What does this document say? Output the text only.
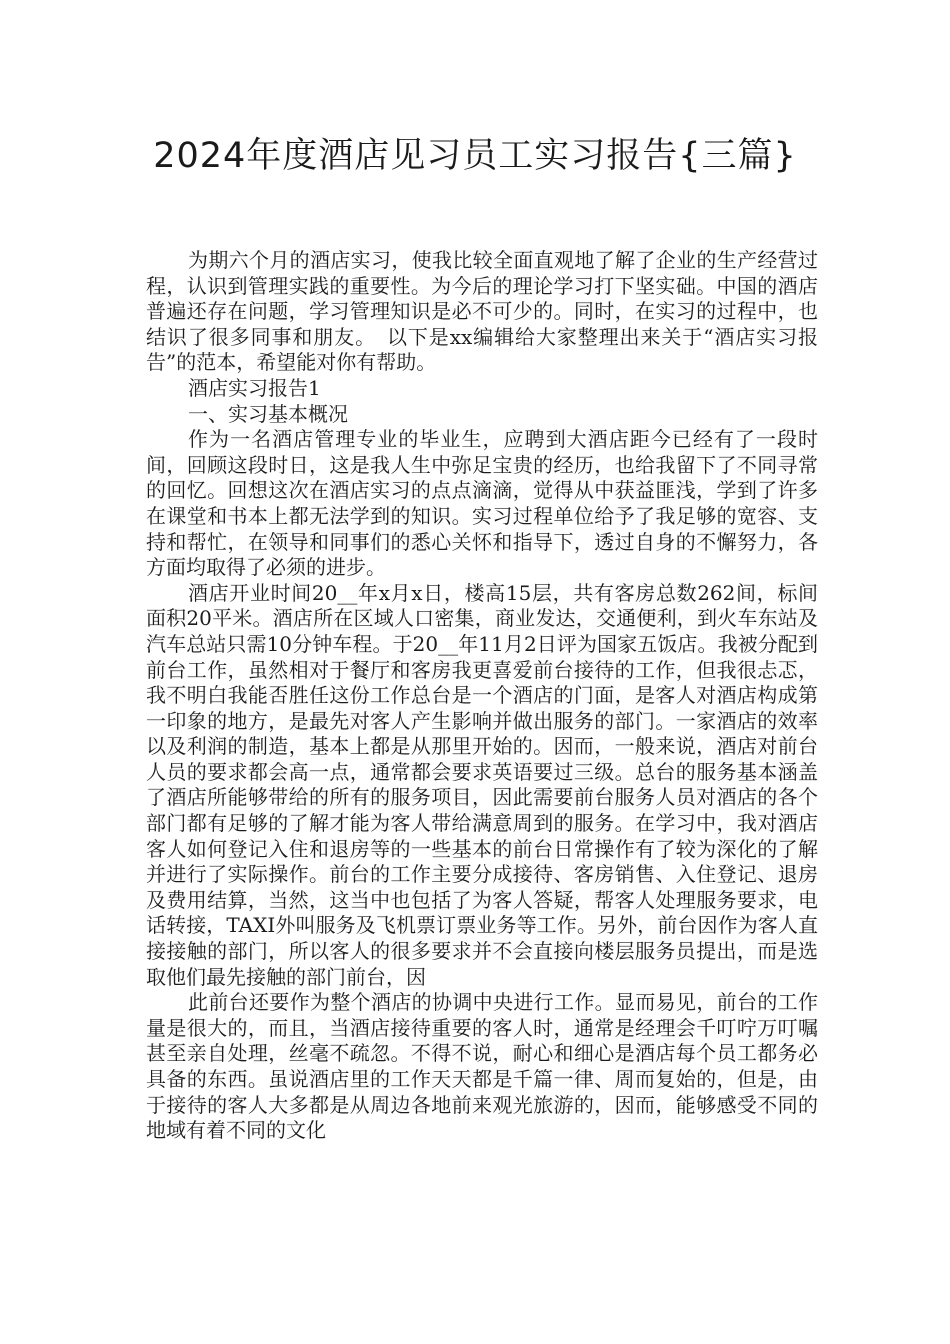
2024年度酒店见习员工实习报告{三篇}

为期六个月的酒店实习，使我比较全面直观地了解了企业的生产经营过程，认识到管理实践的重要性。为今后的理论学习打下坚实础。中国的酒店普遍还存在问题，学习管理知识是必不可少的。同时，在实习的过程中，也结识了很多同事和朋友。　以下是xx编辑给大家整理出来关于“酒店实习报告”的范本，希望能对你有帮助。

酒店实习报告1

一、实习基本概况

作为一名酒店管理专业的毕业生，应聘到大酒店距今已经有了一段时间，回顾这段时日，这是我人生中弥足宝贵的经历，也给我留下了不同寻常的回忆。回想这次在酒店实习的点点滴滴，觉得从中获益匪浅，学到了许多在课堂和书本上都无法学到的知识。实习过程单位给予了我足够的宽容、支持和帮忙，在领导和同事们的悉心关怀和指导下，透过自身的不懈努力，各方面均取得了必须的进步。

酒店开业时间20__年x月x日，楼高15层，共有客房总数262间，标间面积20平米。酒店所在区域人口密集，商业发达，交通便利，到火车东站及汽车总站只需10分钟车程。于20__年11月2日评为国家五饭店。我被分配到前台工作，虽然相对于餐厅和客房我更喜爱前台接待的工作，但我很忐忑，我不明白我能否胜任这份工作总台是一个酒店的门面，是客人对酒店构成第一印象的地方，是最先对客人产生影响并做出服务的部门。一家酒店的效率以及利润的制造，基本上都是从那里开始的。因而，一般来说，酒店对前台人员的要求都会高一点，通常都会要求英语要过三级。总台的服务基本涵盖了酒店所能够带给的所有的服务项目，因此需要前台服务人员对酒店的各个部门都有足够的了解才能为客人带给满意周到的服务。在学习中，我对酒店客人如何登记入住和退房等的一些基本的前台日常操作有了较为深化的了解并进行了实际操作。前台的工作主要分成接待、客房销售、入住登记、退房及费用结算，当然，这当中也包括了为客人答疑，帮客人处理服务要求，电话转接，TAXI外叫服务及飞机票订票业务等工作。另外，前台因作为客人直接接触的部门，所以客人的很多要求并不会直接向楼层服务员提出，而是选取他们最先接触的部门前台，因

此前台还要作为整个酒店的协调中央进行工作。显而易见，前台的工作量是很大的，而且，当酒店接待重要的客人时，通常是经理会千叮咛万叮嘱甚至亲自处理，丝毫不疏忽。不得不说，耐心和细心是酒店每个员工都务必具备的东西。虽说酒店里的工作天天都是千篇一律、周而复始的，但是，由于接待的客人大多都是从周边各地前来观光旅游的，因而，能够感受不同的地域有着不同的文化
